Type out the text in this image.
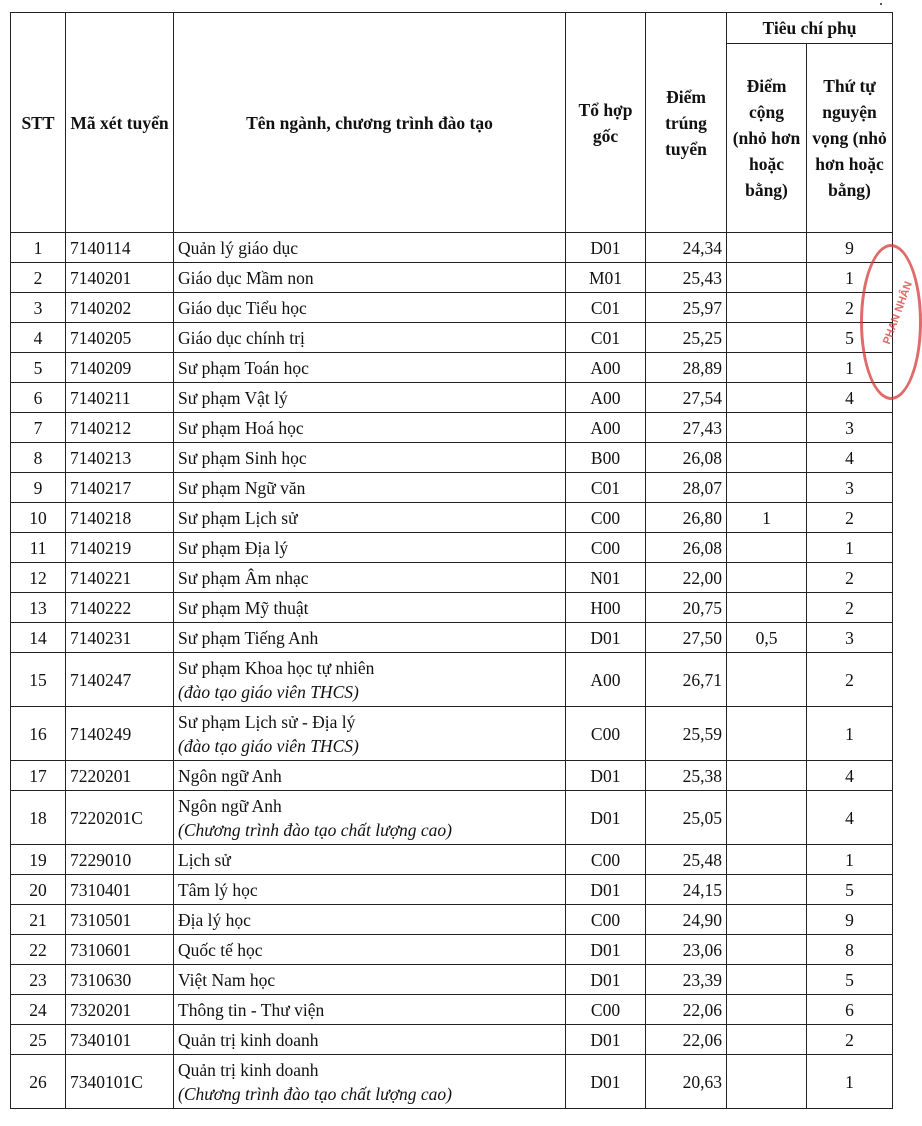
STT	Mã xét tuyển	Tên ngành, chương trình đào tạo	Tổ hợp gốc	Điểm trúng tuyển	Tiêu chí phụ	
					Điểm cộng (nhỏ hơn hoặc bằng)	Thứ tự nguyện vọng (nhỏ hơn hoặc bằng)
1	7140114	Quản lý giáo dục	D01	24,34		9
2	7140201	Giáo dục Mầm non	M01	25,43		1
3	7140202	Giáo dục Tiểu học	C01	25,97		2
4	7140205	Giáo dục chính trị	C01	25,25		5
5	7140209	Sư phạm Toán học	A00	28,89		1
6	7140211	Sư phạm Vật lý	A00	27,54		4
7	7140212	Sư phạm Hoá học	A00	27,43		3
8	7140213	Sư phạm Sinh học	B00	26,08		4
9	7140217	Sư phạm Ngữ văn	C01	28,07		3
10	7140218	Sư phạm Lịch sử	C00	26,80	1	2
11	7140219	Sư phạm Địa lý	C00	26,08		1
12	7140221	Sư phạm Âm nhạc	N01	22,00		2
13	7140222	Sư phạm Mỹ thuật	H00	20,75		2
14	7140231	Sư phạm Tiếng Anh	D01	27,50	0,5	3
15	7140247	Sư phạm Khoa học tự nhiên
(đào tạo giáo viên THCS)	A00	26,71		2
16	7140249	Sư phạm Lịch sử - Địa lý
(đào tạo giáo viên THCS)	C00	25,59		1
17	7220201	Ngôn ngữ Anh	D01	25,38		4
18	7220201C	Ngôn ngữ Anh
(Chương trình đào tạo chất lượng cao)	D01	25,05		4
19	7229010	Lịch sử	C00	25,48		1
20	7310401	Tâm lý học	D01	24,15		5
21	7310501	Địa lý học	C00	24,90		9
22	7310601	Quốc tế học	D01	23,06		8
23	7310630	Việt Nam học	D01	23,39		5
24	7320201	Thông tin - Thư viện	C00	22,06		6
25	7340101	Quản trị kinh doanh	D01	22,06		2
26	7340101C	Quản trị kinh doanh
(Chương trình đào tạo chất lượng cao)	D01	20,63		1
PHAN NHÂN
